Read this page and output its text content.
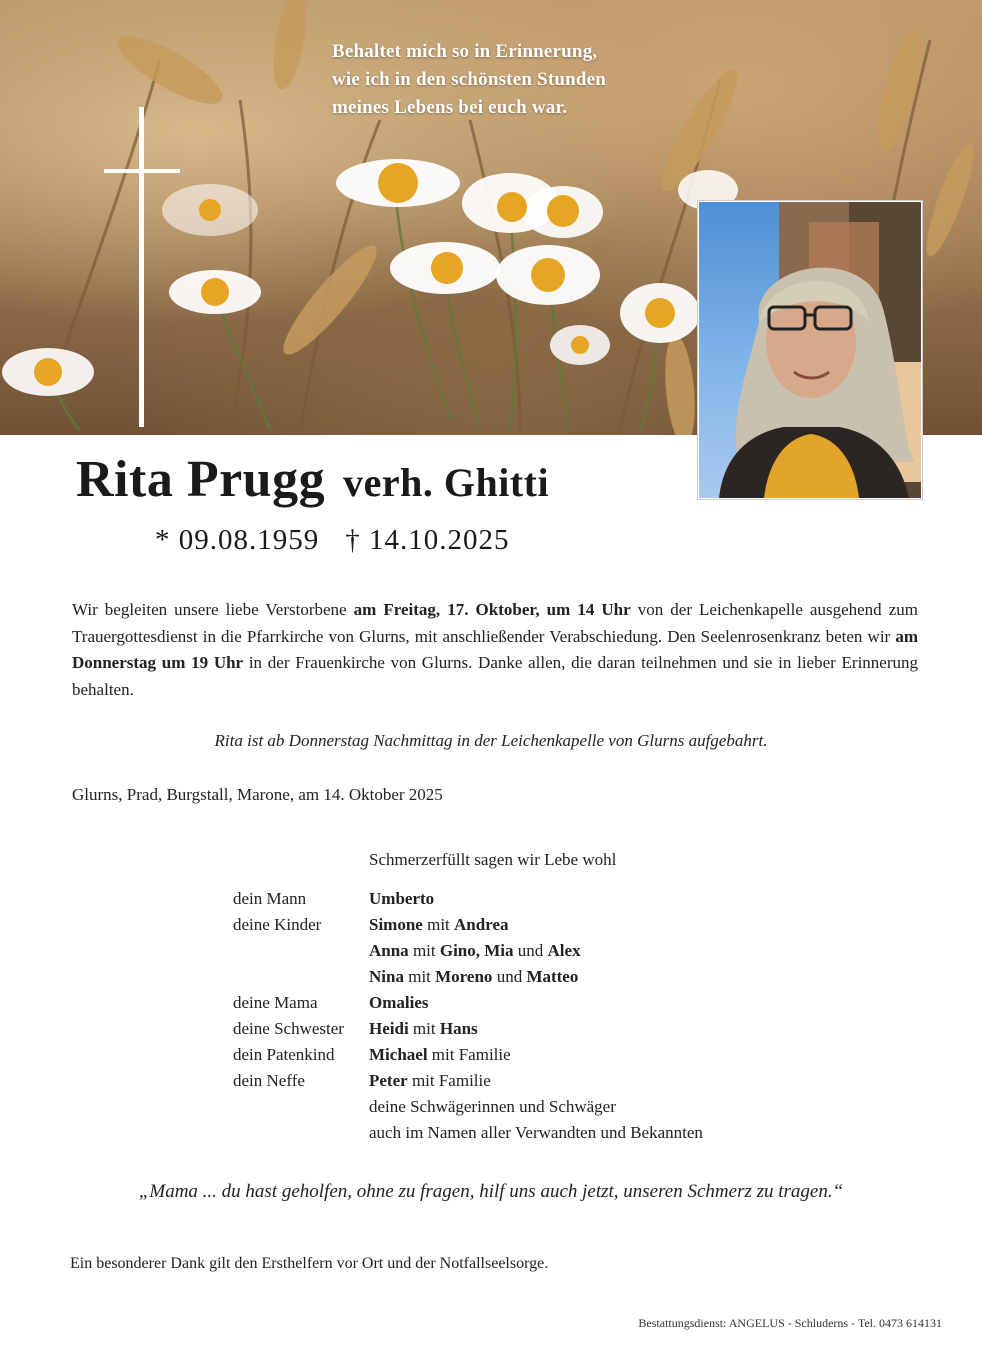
Behaltet mich so in Erinnerung,
wie ich in den schönsten Stunden
meines Lebens bei euch war.
Rita Prugg verh. Ghitti
* 09.08.1959 † 14.10.2025
Wir begleiten unsere liebe Verstorbene am Freitag, 17. Oktober, um 14 Uhr von der Leichenkapelle ausgehend zum Trauergottesdienst in die Pfarrkirche von Glurns, mit anschließender Verabschiedung. Den Seelenrosenkranz beten wir am Donnerstag um 19 Uhr in der Frauenkirche von Glurns. Danke allen, die daran teilnehmen und sie in lieber Erinnerung behalten.
Rita ist ab Donnerstag Nachmittag in der Leichenkapelle von Glurns aufgebahrt.
Glurns, Prad, Burgstall, Marone, am 14. Oktober 2025
Schmerzerfüllt sagen wir Lebe wohl
dein Mann	Umberto
deine Kinder	Simone mit Andrea
Anna mit Gino, Mia und Alex
Nina mit Moreno und Matteo
deine Mama	Omalies
deine Schwester	Heidi mit Hans
dein Patenkind	Michael mit Familie
dein Neffe	Peter mit Familie
deine Schwägerinnen und Schwäger
auch im Namen aller Verwandten und Bekannten
„Mama ... du hast geholfen, ohne zu fragen, hilf uns auch jetzt, unseren Schmerz zu tragen.“
Ein besonderer Dank gilt den Ersthelfern vor Ort und der Notfallseelsorge.
Bestattungsdienst: ANGELUS - Schluderns - Tel. 0473 614131
